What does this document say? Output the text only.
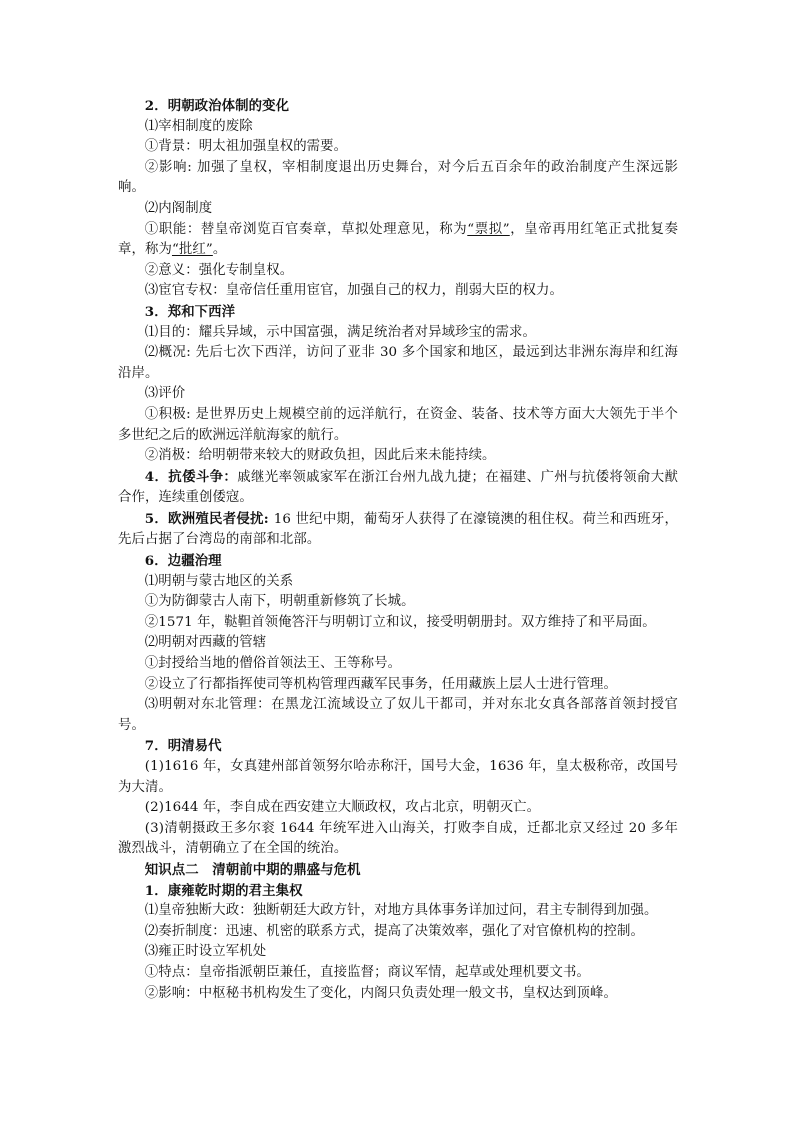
2．明朝政治体制的变化

⑴宰相制度的废除

①背景：明太祖加强皇权的需要。

②影响: 加强了皇权，宰相制度退出历史舞台，对今后五百余年的政治制度产生深远影响。

⑵内阁制度

①职能：替皇帝浏览百官奏章，草拟处理意见，称为“票拟”，皇帝再用红笔正式批复奏章，称为“批红”。

②意义：强化专制皇权。

⑶宦官专权：皇帝信任重用宦官，加强自己的权力，削弱大臣的权力。

3．郑和下西洋

⑴目的：耀兵异域，示中国富强，满足统治者对异域珍宝的需求。

⑵概况: 先后七次下西洋，访问了亚非 30 多个国家和地区，最远到达非洲东海岸和红海沿岸。

⑶评价

①积极: 是世界历史上规模空前的远洋航行，在资金、装备、技术等方面大大领先于半个多世纪之后的欧洲远洋航海家的航行。

②消极：给明朝带来较大的财政负担，因此后来未能持续。

4．抗倭斗争：戚继光率领戚家军在浙江台州九战九捷；在福建、广州与抗倭将领俞大猷合作，连续重创倭寇。

5．欧洲殖民者侵扰: 16 世纪中期，葡萄牙人获得了在濠镜澳的租住权。荷兰和西班牙，先后占据了台湾岛的南部和北部。

6．边疆治理

⑴明朝与蒙古地区的关系

①为防御蒙古人南下，明朝重新修筑了长城。

②1571 年，鞑靼首领俺答汗与明朝订立和议，接受明朝册封。双方维持了和平局面。

⑵明朝对西藏的管辖

①封授给当地的僧俗首领法王、王等称号。

②设立了行都指挥使司等机构管理西藏军民事务，任用藏族上层人士进行管理。

⑶明朝对东北管理：在黑龙江流域设立了奴儿干都司，并对东北女真各部落首领封授官号。

7．明清易代

(1)1616 年，女真建州部首领努尔哈赤称汗，国号大金，1636 年，皇太极称帝，改国号为大清。

(2)1644 年，李自成在西安建立大顺政权，攻占北京，明朝灭亡。

(3)清朝摄政王多尔衮 1644 年统军进入山海关，打败李自成，迁都北京又经过 20 多年激烈战斗，清朝确立了在全国的统治。

知识点二　清朝前中期的鼎盛与危机

1．康雍乾时期的君主集权

⑴皇帝独断大政：独断朝廷大政方针，对地方具体事务详加过问，君主专制得到加强。

⑵奏折制度：迅速、机密的联系方式，提高了决策效率，强化了对官僚机构的控制。

⑶雍正时设立军机处

①特点：皇帝指派朝臣兼任，直接监督；商议军情，起草或处理机要文书。

②影响：中枢秘书机构发生了变化，内阁只负责处理一般文书，皇权达到顶峰。
